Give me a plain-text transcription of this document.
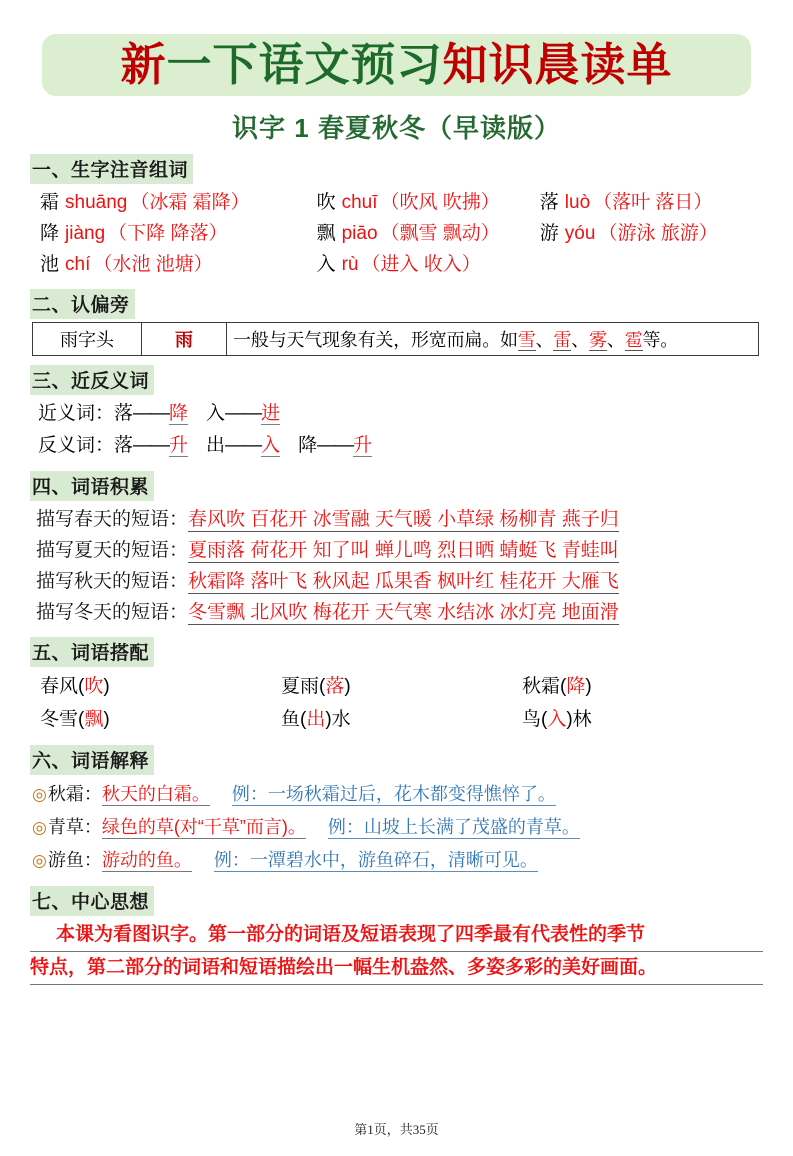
新一下语文预习知识晨读单
识字 1 春夏秋冬（早读版）
一、生字注音组词
霜 shuāng （冰霜 霜降）	吹 chuī （吹风 吹拂）	落 luò （落叶 落日）
降 jiàng （下降 降落）	飘 piāo （飘雪 飘动）	游 yóu （游泳 旅游）
池 chí （水池 池塘）	入 rù （进入 收入）
二、认偏旁
雨字头	雨	一般与天气现象有关，形宽而扁。如雪、雷、雾、雹等。
三、近反义词
近义词：落——降 入——进
反义词：落——升 出——入 降——升
四、词语积累
描写春天的短语：春风吹 百花开 冰雪融 天气暖 小草绿 杨柳青 燕子归
描写夏天的短语：夏雨落 荷花开 知了叫 蝉儿鸣 烈日晒 蜻蜓飞 青蛙叫
描写秋天的短语：秋霜降 落叶飞 秋风起 瓜果香 枫叶红 桂花开 大雁飞
描写冬天的短语：冬雪飘 北风吹 梅花开 天气寒 水结冰 冰灯亮 地面滑
五、词语搭配
春风(吹)	夏雨(落)	秋霜(降)
冬雪(飘)	鱼(出)水	鸟(入)林
六、词语解释
◎秋霜：秋天的白霜。 例：一场秋霜过后，花木都变得憔悴了。
◎青草：绿色的草(对“干草”而言)。 例：山坡上长满了茂盛的青草。
◎游鱼：游动的鱼。 例：一潭碧水中，游鱼碎石，清晰可见。
七、中心思想
本课为看图识字。第一部分的词语及短语表现了四季最有代表性的季节
特点，第二部分的词语和短语描绘出一幅生机盎然、多姿多彩的美好画面。
第1页，共35页
